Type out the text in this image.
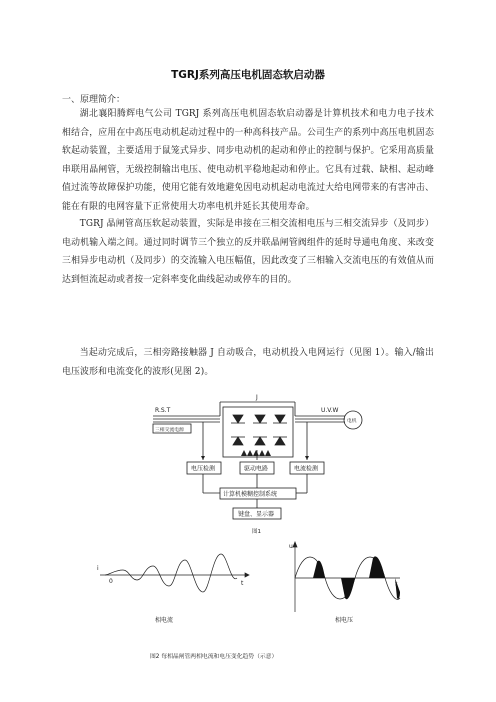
TGRJ系列高压电机固态软启动器
一、原理简介：
湖北襄阳腾辉电气公司 TGRJ 系列高压电机固态软启动器是计算机技术和电力电子技术相结合，应用在中高压电动机起动过程中的一种高科技产品。公司生产的系列中高压电机固态软起动装置，主要适用于鼠笼式异步、同步电动机的起动和停止的控制与保护。它采用高质量串联用晶闸管，无级控制输出电压、使电动机平稳地起动和停止。它具有过载、缺相、起动峰值过流等故障保护功能，使用它能有效地避免因电动机起动电流过大给电网带来的有害冲击、能在有限的电网容量下正常使用大功率电机并延长其使用寿命。
TGRJ 晶闸管高压软起动装置，实际是串接在三相交流相电压与三相交流异步（及同步）电动机输入端之间。通过同时调节三个独立的反并联晶闸管阀组件的延时导通电角度、来改变三相异步电动机（及同步）的交流输入电压幅值，因此改变了三相输入交流电压的有效值从而达到恒流起动或者按一定斜率变化曲线起动或停车的目的。
当起动完成后，三相旁路接触器 J 自动吸合，电动机投入电网运行（见图 1）。输入/输出电压波形和电流变化的波形(见图 2)。
R.S.T	U.V.W
J
三相交流电源
电机
电压检测	驱动电路	电流检测
计算机模糊控制系统
键盘、显示器
图1
i
0	t
u
t
相电流	相电压
图2 每相晶闸管两相电流和电压变化趋势（示意）
